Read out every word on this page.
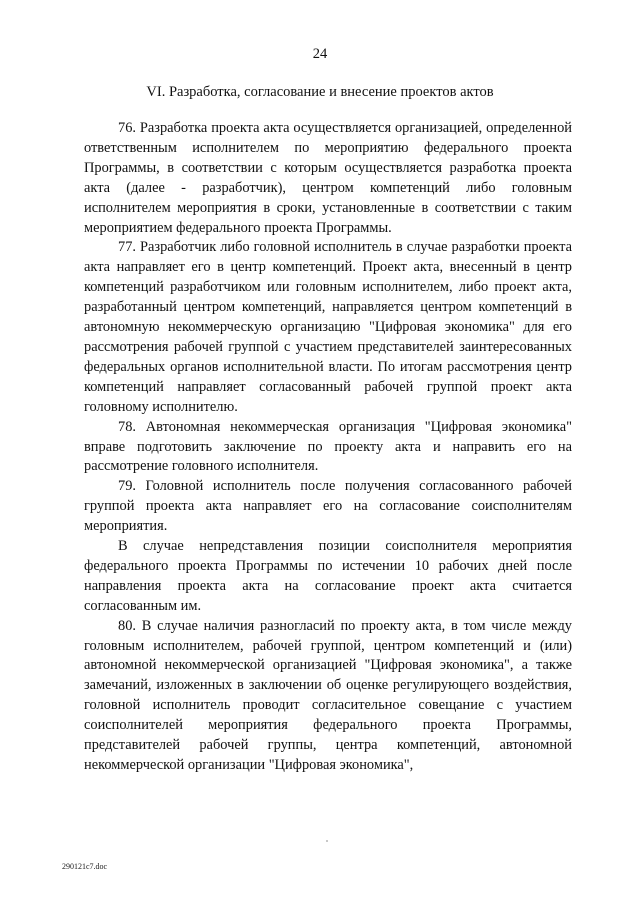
24
VI. Разработка, согласование и внесение проектов актов

76. Разработка проекта акта осуществляется организацией, определенной ответственным исполнителем по мероприятию федерального проекта Программы, в соответствии с которым осуществляется разработка проекта акта (далее - разработчик), центром компетенций либо головным исполнителем мероприятия в сроки, установленные в соответствии с таким мероприятием федерального проекта Программы.

77. Разработчик либо головной исполнитель в случае разработки проекта акта направляет его в центр компетенций. Проект акта, внесенный в центр компетенций разработчиком или головным исполнителем, либо проект акта, разработанный центром компетенций, направляется центром компетенций в автономную некоммерческую организацию "Цифровая экономика" для его рассмотрения рабочей группой с участием представителей заинтересованных федеральных органов исполнительной власти. По итогам рассмотрения центр компетенций направляет согласованный рабочей группой проект акта головному исполнителю.

78. Автономная некоммерческая организация "Цифровая экономика" вправе подготовить заключение по проекту акта и направить его на рассмотрение головного исполнителя.

79. Головной исполнитель после получения согласованного рабочей группой проекта акта направляет его на согласование соисполнителям мероприятия.

В случае непредставления позиции соисполнителя мероприятия федерального проекта Программы по истечении 10 рабочих дней после направления проекта акта на согласование проект акта считается согласованным им.

80. В случае наличия разногласий по проекту акта, в том числе между головным исполнителем, рабочей группой, центром компетенций и (или) автономной некоммерческой организацией "Цифровая экономика", а также замечаний, изложенных в заключении об оценке регулирующего воздействия, головной исполнитель проводит согласительное совещание с участием соисполнителей мероприятия федерального проекта Программы, представителей рабочей группы, центра компетенций, автономной некоммерческой организации "Цифровая экономика",

290121с7.doc
